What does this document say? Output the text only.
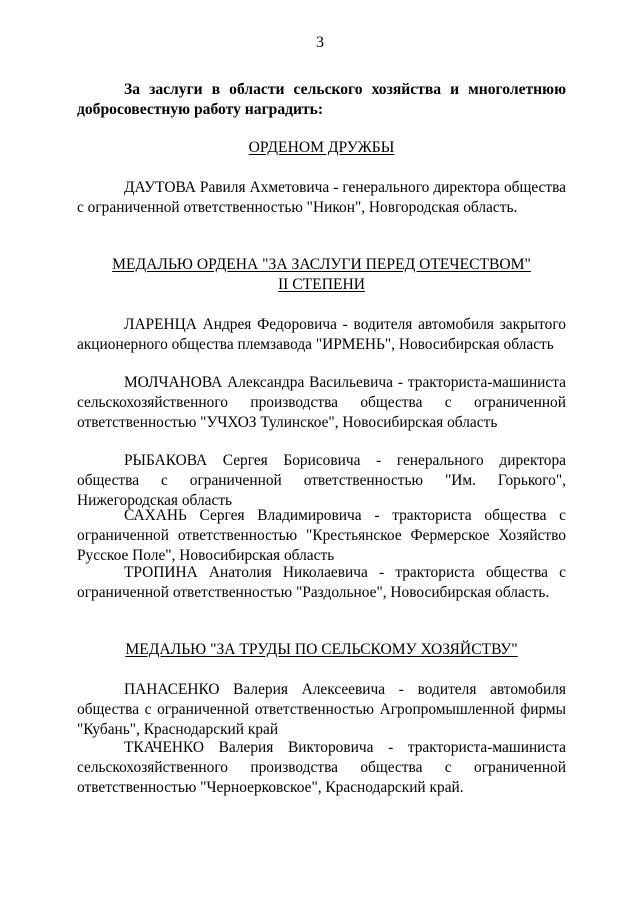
3
За заслуги в области сельского хозяйства и многолетнюю добросовестную работу наградить:
ОРДЕНОМ ДРУЖБЫ
ДАУТОВА Равиля Ахметовича - генерального директора общества с ограниченной ответственностью "Никон", Новгородская область.
МЕДАЛЬЮ ОРДЕНА "ЗА ЗАСЛУГИ ПЕРЕД ОТЕЧЕСТВОМ"
II СТЕПЕНИ
ЛАРЕНЦА Андрея Федоровича - водителя автомобиля закрытого акционерного общества племзавода "ИРМЕНЬ", Новосибирская область
МОЛЧАНОВА Александра Васильевича - тракториста-машиниста сельскохозяйственного производства общества с ограниченной ответственностью "УЧХОЗ Тулинское", Новосибирская область
РЫБАКОВА Сергея Борисовича - генерального директора общества с ограниченной ответственностью "Им. Горького", Нижегородская область
САХАНЬ Сергея Владимировича - тракториста общества с ограниченной ответственностью "Крестьянское Фермерское Хозяйство Русское Поле", Новосибирская область
ТРОПИНА Анатолия Николаевича - тракториста общества с ограниченной ответственностью "Раздольное", Новосибирская область.
МЕДАЛЬЮ "ЗА ТРУДЫ ПО СЕЛЬСКОМУ ХОЗЯЙСТВУ"
ПАНАСЕНКО Валерия Алексеевича - водителя автомобиля общества с ограниченной ответственностью Агропромышленной фирмы "Кубань", Краснодарский край
ТКАЧЕНКО Валерия Викторовича - тракториста-машиниста сельскохозяйственного производства общества с ограниченной ответственностью "Черноерковское", Краснодарский край.
